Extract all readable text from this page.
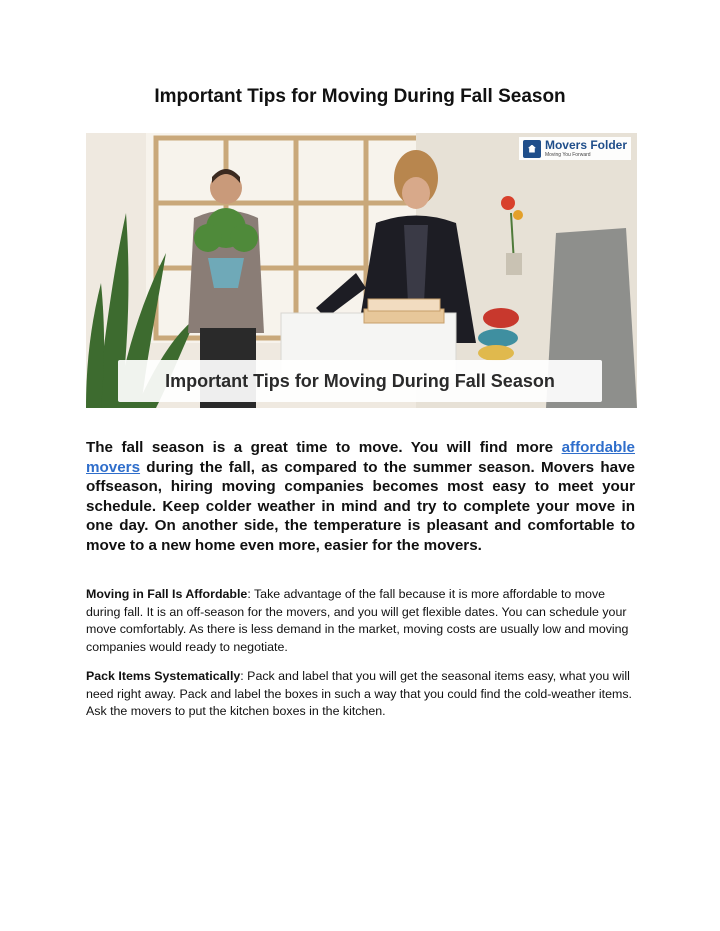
Important Tips for Moving During Fall Season
Movers Folder
Moving You Forward
Important Tips for Moving During Fall Season
The fall season is a great time to move. You will find more affordable movers during the fall, as compared to the summer season. Movers have offseason, hiring moving companies becomes most easy to meet your schedule. Keep colder weather in mind and try to complete your move in one day. On another side, the temperature is pleasant and comfortable to move to a new home even more, easier for the movers.
Moving in Fall Is Affordable: Take advantage of the fall because it is more affordable to move during fall. It is an off-season for the movers, and you will get flexible dates. You can schedule your move comfortably. As there is less demand in the market, moving costs are usually low and moving companies would ready to negotiate.
Pack Items Systematically: Pack and label that you will get the seasonal items easy, what you will need right away. Pack and label the boxes in such a way that you could find the cold-weather items. Ask the movers to put the kitchen boxes in the kitchen.
